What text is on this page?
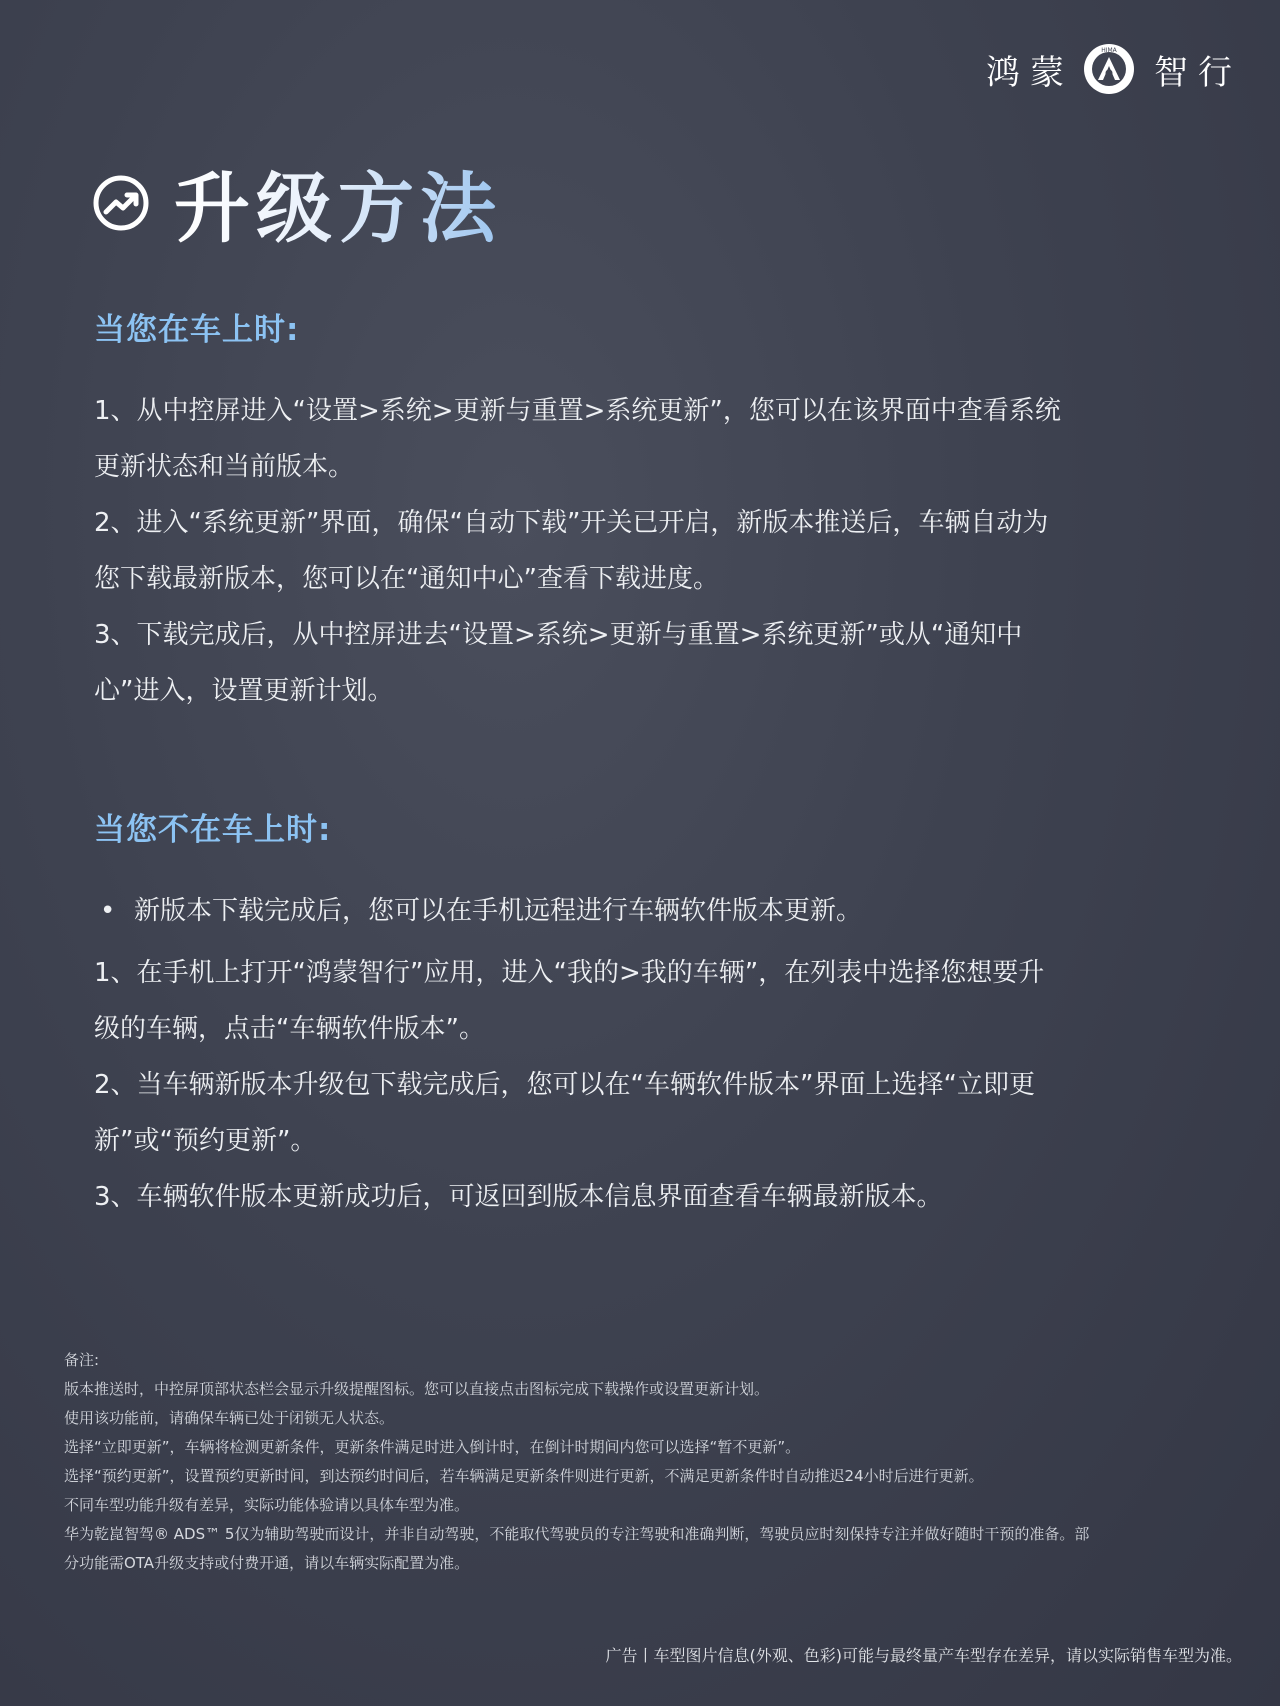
鸿蒙
HIMA
智行
升级方法
当您在车上时:

1、从中控屏进入“设置>系统>更新与重置>系统更新”，您可以在该界面中查看系统

更新状态和当前版本。

2、进入“系统更新”界面，确保“自动下载”开关已开启，新版本推送后，车辆自动为

您下载最新版本，您可以在“通知中心”查看下载进度。

3、下载完成后，从中控屏进去“设置>系统>更新与重置>系统更新”或从“通知中

心”进入，设置更新计划。

当您不在车上时:
• 新版本下载完成后，您可以在手机远程进行车辆软件版本更新。

1、在手机上打开“鸿蒙智行”应用，进入“我的>我的车辆”，在列表中选择您想要升

级的车辆，点击“车辆软件版本”。

2、当车辆新版本升级包下载完成后，您可以在“车辆软件版本”界面上选择“立即更

新”或“预约更新”。

3、车辆软件版本更新成功后，可返回到版本信息界面查看车辆最新版本。

备注:

版本推送时，中控屏顶部状态栏会显示升级提醒图标。您可以直接点击图标完成下载操作或设置更新计划。

使用该功能前，请确保车辆已处于闭锁无人状态。

选择“立即更新”，车辆将检测更新条件，更新条件满足时进入倒计时，在倒计时期间内您可以选择“暂不更新”。

选择“预约更新”，设置预约更新时间，到达预约时间后，若车辆满足更新条件则进行更新，不满足更新条件时自动推迟24小时后进行更新。

不同车型功能升级有差异，实际功能体验请以具体车型为准。

华为乾崑智驾® ADS™ 5仅为辅助驾驶而设计，并非自动驾驶，不能取代驾驶员的专注驾驶和准确判断，驾驶员应时刻保持专注并做好随时干预的准备。部

分功能需OTA升级支持或付费开通，请以车辆实际配置为准。

广告丨车型图片信息(外观、色彩)可能与最终量产车型存在差异，请以实际销售车型为准。
